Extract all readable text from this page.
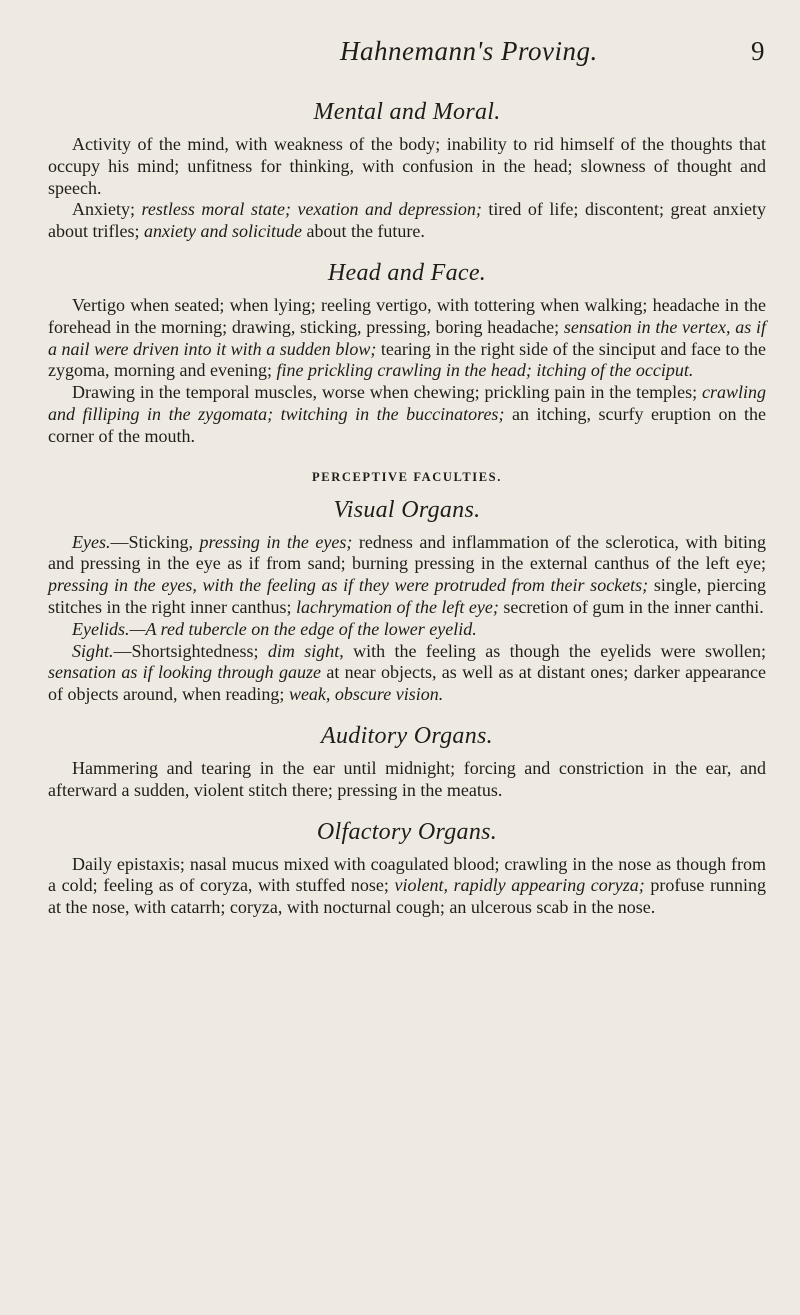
Hahnemann's Proving.	9
Mental and Moral.

Activity of the mind, with weakness of the body; inability to rid himself of the thoughts that occupy his mind; unfitness for thinking, with confusion in the head; slowness of thought and speech.

Anxiety; restless moral state; vexation and depression; tired of life; discontent; great anxiety about trifles; anxiety and solicitude about the future.

Head and Face.

Vertigo when seated; when lying; reeling vertigo, with tottering when walking; headache in the forehead in the morning; drawing, sticking, pressing, boring headache; sensation in the vertex, as if a nail were driven into it with a sudden blow; tearing in the right side of the sinciput and face to the zygoma, morning and evening; fine prickling crawling in the head; itching of the occiput.

Drawing in the temporal muscles, worse when chewing; prickling pain in the temples; crawling and filliping in the zygomata; twitching in the buccinatores; an itching, scurfy eruption on the corner of the mouth.

PERCEPTIVE FACULTIES.
Visual Organs.

Eyes.—Sticking, pressing in the eyes; redness and inflammation of the sclerotica, with biting and pressing in the eye as if from sand; burning pressing in the external canthus of the left eye; pressing in the eyes, with the feeling as if they were protruded from their sockets; single, piercing stitches in the right inner canthus; lachrymation of the left eye; secretion of gum in the inner canthi.

Eyelids.—A red tubercle on the edge of the lower eyelid.

Sight.—Shortsightedness; dim sight, with the feeling as though the eyelids were swollen; sensation as if looking through gauze at near objects, as well as at distant ones; darker appearance of objects around, when reading; weak, obscure vision.

Auditory Organs.

Hammering and tearing in the ear until midnight; forcing and constriction in the ear, and afterward a sudden, violent stitch there; pressing in the meatus.

Olfactory Organs.

Daily epistaxis; nasal mucus mixed with coagulated blood; crawling in the nose as though from a cold; feeling as of coryza, with stuffed nose; violent, rapidly appearing coryza; profuse running at the nose, with catarrh; coryza, with nocturnal cough; an ulcerous scab in the nose.
